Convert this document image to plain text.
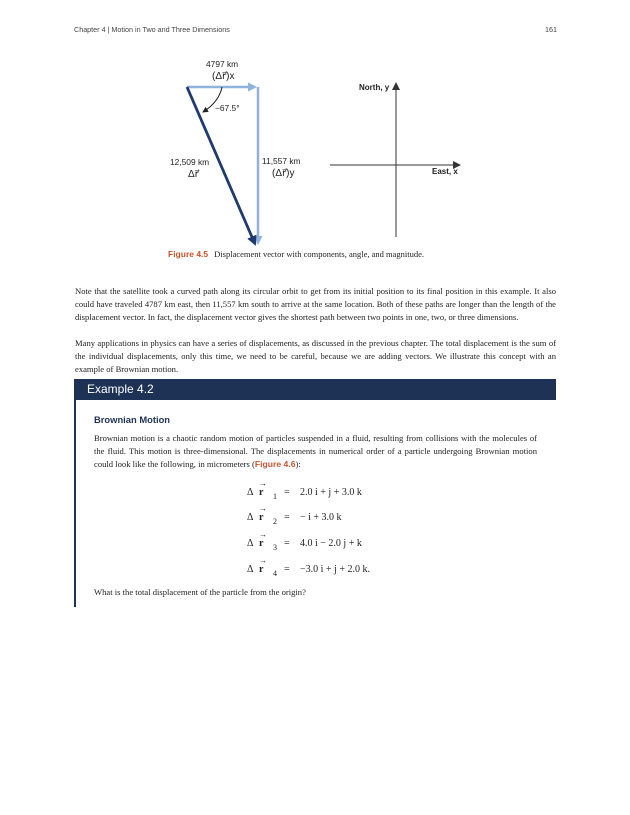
Chapter 4 | Motion in Two and Three Dimensions	161
4797 km
(Δr⃗)x
−67.5°
12,509 km
Δr⃗
11,557 km
(Δr⃗)y
North, y
East, x
Figure 4.5 Displacement vector with components, angle, and magnitude.

Note that the satellite took a curved path along its circular orbit to get from its initial position to its final position in this example. It also could have traveled 4787 km east, then 11,557 km south to arrive at the same location. Both of these paths are longer than the length of the displacement vector. In fact, the displacement vector gives the shortest path between two points in one, two, or three dimensions.

Many applications in physics can have a series of displacements, as discussed in the previous chapter. The total displacement is the sum of the individual displacements, only this time, we need to be careful, because we are adding vectors. We illustrate this concept with an example of Brownian motion.

Example 4.2
Brownian Motion

Brownian motion is a chaotic random motion of particles suspended in a fluid, resulting from collisions with the molecules of the fluid. This motion is three-dimensional. The displacements in numerical order of a particle undergoing Brownian motion could look like the following, in micrometers (Figure 4.6):

Δ
→
r 1 = 2.0 i + j + 3.0 k
Δ
→
r 2 = − i + 3.0 k
Δ
→
r 3 = 4.0 i − 2.0 j + k
Δ
→
r 4 = −3.0 i + j + 2.0 k.

What is the total displacement of the particle from the origin?
